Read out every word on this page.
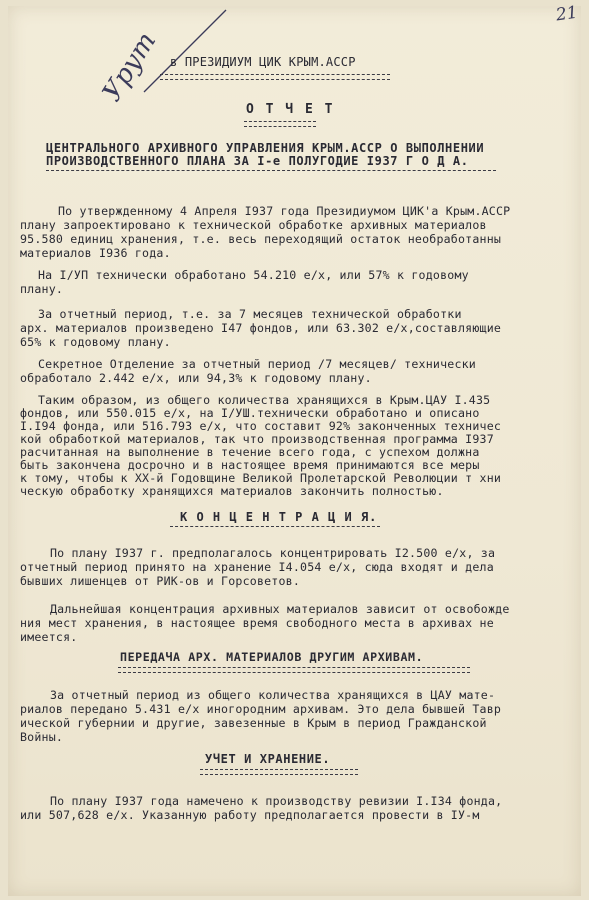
21
Урут в ПРЕЗИДИУМ ЦИК КРЫМ.АССР
О Т Ч Е Т
ЦЕНТРАЛЬНОГО АРХИВНОГО УПРАВЛЕНИЯ КРЫМ.АССР О ВЫПОЛНЕНИИ
ПРОИЗВОДСТВЕННОГО ПЛАНА ЗА I-е ПОЛУГОДИЕ I937 Г О Д А.
По утвержденному 4 Апреля I937 года Президиумом ЦИК'а Крым.АССР
плану запроектировано к технической обработке архивных материалов
95.580 единиц хранения, т.е. весь переходящий остаток необработанны
материалов I936 года.
На I/УП технически обработано 54.210 е/х, или 57% к годовому
плану.
За отчетный период, т.е. за 7 месяцев технической обработки
арх. материалов произведено I47 фондов, или 63.302 е/х,составляющие
65% к годовому плану.
Секретное Отделение за отчетный период /7 месяцев/ технически
обработало 2.442 е/х, или 94,3% к годовому плану.
Таким образом, из общего количества хранящихся в Крым.ЦАУ I.435
фондов, или 550.015 е/х, на I/УШ.технически обработано и описано
I.I94 фонда, или 516.793 е/х, что составит 92% законченных техничес
кой обработкой материалов, так что производственная программа I937
расчитанная на выполнение в течение всего года, с успехом должна
быть закончена досрочно и в настоящее время принимаются все меры
к тому, чтобы к ХХ-й Годовщине Великой Пролетарской Революции т хни
ческую обработку хранящихся материалов закончить полностью.
К О Н Ц Е Н Т Р А Ц И Я.
По плану I937 г. предполагалось концентрировать I2.500 е/х, за
отчетный период принято на хранение I4.054 е/х, сюда входят и дела
бывших лишенцев от РИК-ов и Горсоветов.
Дальнейшая концентрация архивных материалов зависит от освобожде
ния мест хранения, в настоящее время свободного места в архивах не
имеется.
ПЕРЕДАЧА АРХ. МАТЕРИАЛОВ ДРУГИМ АРХИВАМ.
За отчетный период из общего количества хранящихся в ЦАУ мате-
риалов передано 5.431 е/х иногородним архивам. Это дела бывшей Тавр
ической губернии и другие, завезенные в Крым в период Гражданской
Войны.
УЧЕТ И ХРАНЕНИЕ.
По плану I937 года намечено к производству ревизии I.I34 фонда,
или 507,628 е/х. Указанную работу предполагается провести в IУ-м
